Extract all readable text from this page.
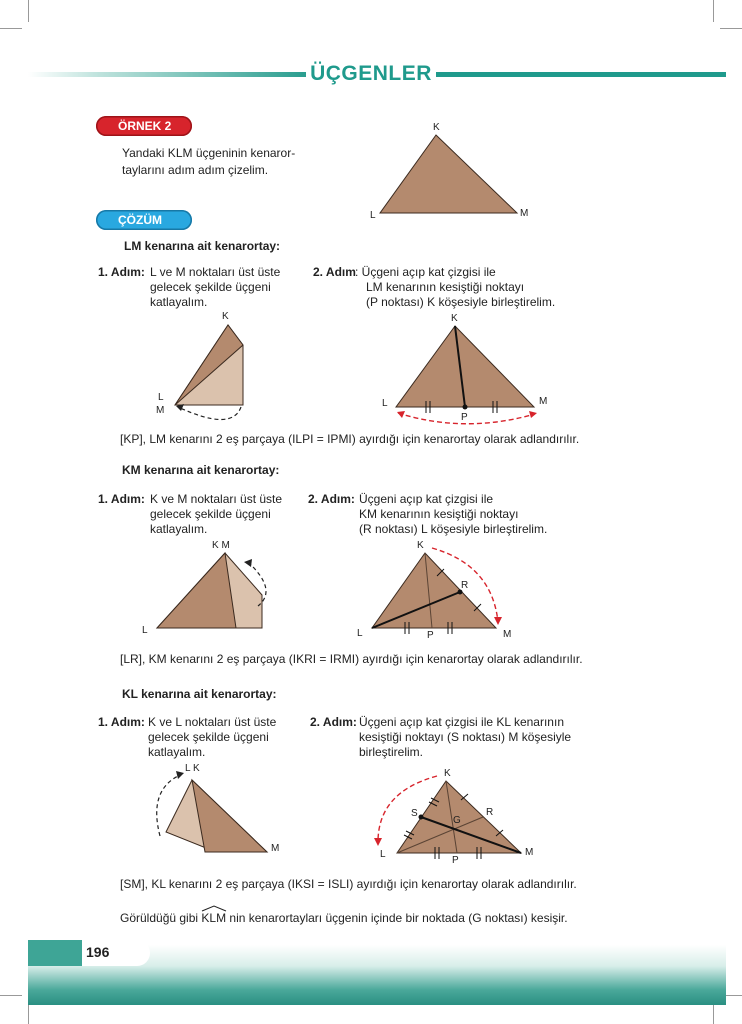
ÜÇGENLER
ÖRNEK 2
Yandaki KLM üçgeninin kenaror-
taylarını adım adım çizelim.
K
L	M
ÇÖZÜM
LM kenarına ait kenarortay:
1. Adım: L ve M noktaları üst üste
gelecek şekilde üçgeni
katlayalım.
2. Adım : Üçgeni açıp kat çizgisi ile
LM kenarının kesiştiği noktayı
(P noktası) K köşesiyle birleştirelim.
K
L
M
K
L	M
P
[KP], LM kenarını 2 eş parçaya (ILPI = IPMI) ayırdığı için kenarortay olarak adlandırılır.
KM kenarına ait kenarortay:
1. Adım: K ve M noktaları üst üste
gelecek şekilde üçgeni
katlayalım.
2. Adım: Üçgeni açıp kat çizgisi ile
KM kenarının kesiştiği noktayı
(R noktası) L köşesiyle birleştirelim.
K M
L
K
L	M
P
R
[LR], KM kenarını 2 eş parçaya (IKRI = IRMI) ayırdığı için kenarortay olarak adlandırılır.
KL kenarına ait kenarortay:
1. Adım: K ve L noktaları üst üste
gelecek şekilde üçgeni
katlayalım.
2. Adım: Üçgeni açıp kat çizgisi ile KL kenarının
kesiştiği noktayı (S noktası) M köşesiyle
birleştirelim.
L K
M
K
L	M
P
R
S
G
[SM], KL kenarını 2 eş parçaya (IKSI = ISLI) ayırdığı için kenarortay olarak adlandırılır.
Görüldüğü gibi
KLM nin kenarortayları üçgenin içinde bir noktada (G noktası) kesişir.
196
